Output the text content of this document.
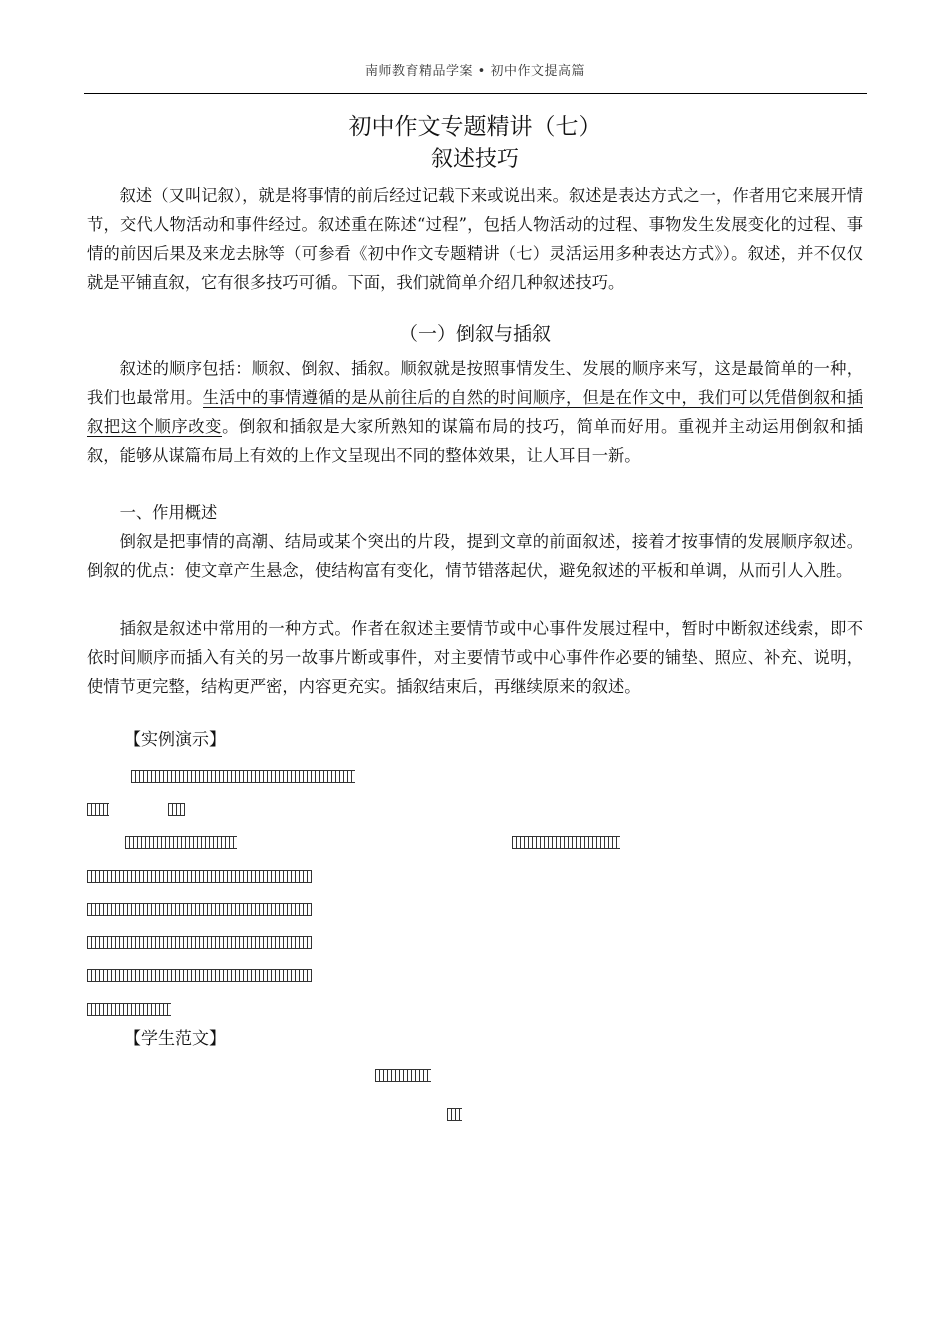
南师教育精品学案 • 初中作文提高篇
初中作文专题精讲（七）
叙述技巧
叙述（又叫记叙），就是将事情的前后经过记载下来或说出来。叙述是表达方式之一，作者用它来展开情节，交代人物活动和事件经过。叙述重在陈述“过程”，包括人物活动的过程、事物发生发展变化的过程、事情的前因后果及来龙去脉等（可参看《初中作文专题精讲（七）灵活运用多种表达方式》）。叙述，并不仅仅就是平铺直叙，它有很多技巧可循。下面，我们就简单介绍几种叙述技巧。
（一）倒叙与插叙
叙述的顺序包括：顺叙、倒叙、插叙。顺叙就是按照事情发生、发展的顺序来写，这是最简单的一种，我们也最常用。生活中的事情遵循的是从前往后的自然的时间顺序，但是在作文中，我们可以凭借倒叙和插叙把这个顺序改变。倒叙和插叙是大家所熟知的谋篇布局的技巧，简单而好用。重视并主动运用倒叙和插叙，能够从谋篇布局上有效的上作文呈现出不同的整体效果，让人耳目一新。
一、作用概述
倒叙是把事情的高潮、结局或某个突出的片段，提到文章的前面叙述，接着才按事情的发展顺序叙述。倒叙的优点：使文章产生悬念，使结构富有变化，情节错落起伏，避免叙述的平板和单调，从而引人入胜。
插叙是叙述中常用的一种方式。作者在叙述主要情节或中心事件发展过程中，暂时中断叙述线索，即不依时间顺序而插入有关的另一故事片断或事件，对主要情节或中心事件作必要的铺垫、照应、补充、说明，使情节更完整，结构更严密，内容更充实。插叙结束后，再继续原来的叙述。
【实例演示】
【学生范文】
